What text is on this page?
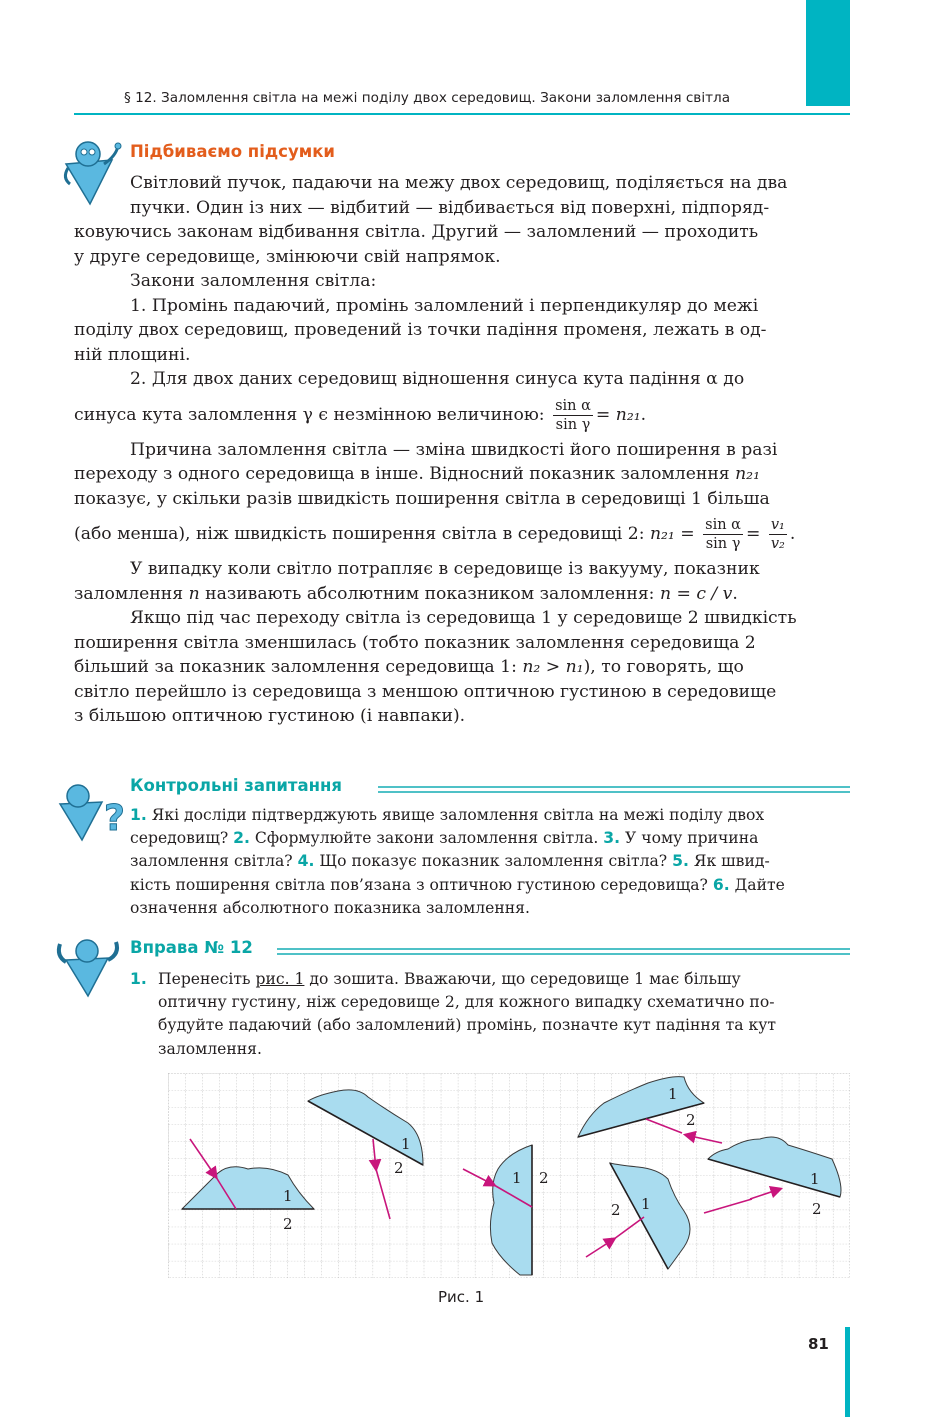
§ 12. Заломлення світла на межі поділу двох середовищ. Закони заломлення світла
Підбиваємо підсумки
Світловий пучок, падаючи на межу двох середовищ, поділяється на два
пучки. Один із них — відбитий — відбивається від поверхні, підпоряд-
ковуючись законам відбивання світла. Другий — заломлений — проходить
у друге середовище, змінюючи свій напрямок.
Закони заломлення світла:
1. Промінь падаючий, промінь заломлений і перпендикуляр до межі
поділу двох середовищ, проведений із точки падіння променя, лежать в од-
ній площині.
2. Для двох даних середовищ відношення синуса кута падіння α до
синуса кута заломлення γ є незмінною величиною: $\frac{\text{sin α}}{\text{sin γ}} = n_{21}$.
Причина заломлення світла — зміна швидкості його поширення в разі
переходу з одного середовища в інше. Відносний показник заломлення n₂₁
показує, у скільки разів швидкість поширення світла в середовищі 1 більша
(або менша), ніж швидкість поширення світла в середовищі 2: $n_{21} = \frac{\text{sin α}}{\text{sin γ}} = \frac{\text{v₁}}{\text{v₂}}$ .
У випадку коли світло потрапляє в середовище із вакууму, показник
заломлення n називають абсолютним показником заломлення: n = c / v.
Якщо під час переходу світла із середовища 1 у середовище 2 швидкість
поширення світла зменшилась (тобто показник заломлення середовища 2
більший за показник заломлення середовища 1: n₂ > n₁), то говорять, що
світло перейшло із середовища з меншою оптичною густиною в середовище
з більшою оптичною густиною (і навпаки).
?
Контрольні запитання
1. Які досліди підтверджують явище заломлення світла на межі поділу двох
середовищ? 2. Сформулюйте закони заломлення світла. 3. У чому причина
заломлення світла? 4. Що показує показник заломлення світла? 5. Як швид-
кість поширення світла пов’язана з оптичною густиною середовища? 6. Дайте
означення абсолютного показника заломлення.
Вправа № 12
1. Перенесіть рис. 1 до зошита. Вважаючи, що середовище 1 має більшу
оптичну густину, ніж середовище 2, для кожного випадку схематично по-
будуйте падаючий (або заломлений) промінь, позначте кут падіння та кут
заломлення.
1
2
1
2
1 2
1
2
1
2
1
2
Рис. 1
81
